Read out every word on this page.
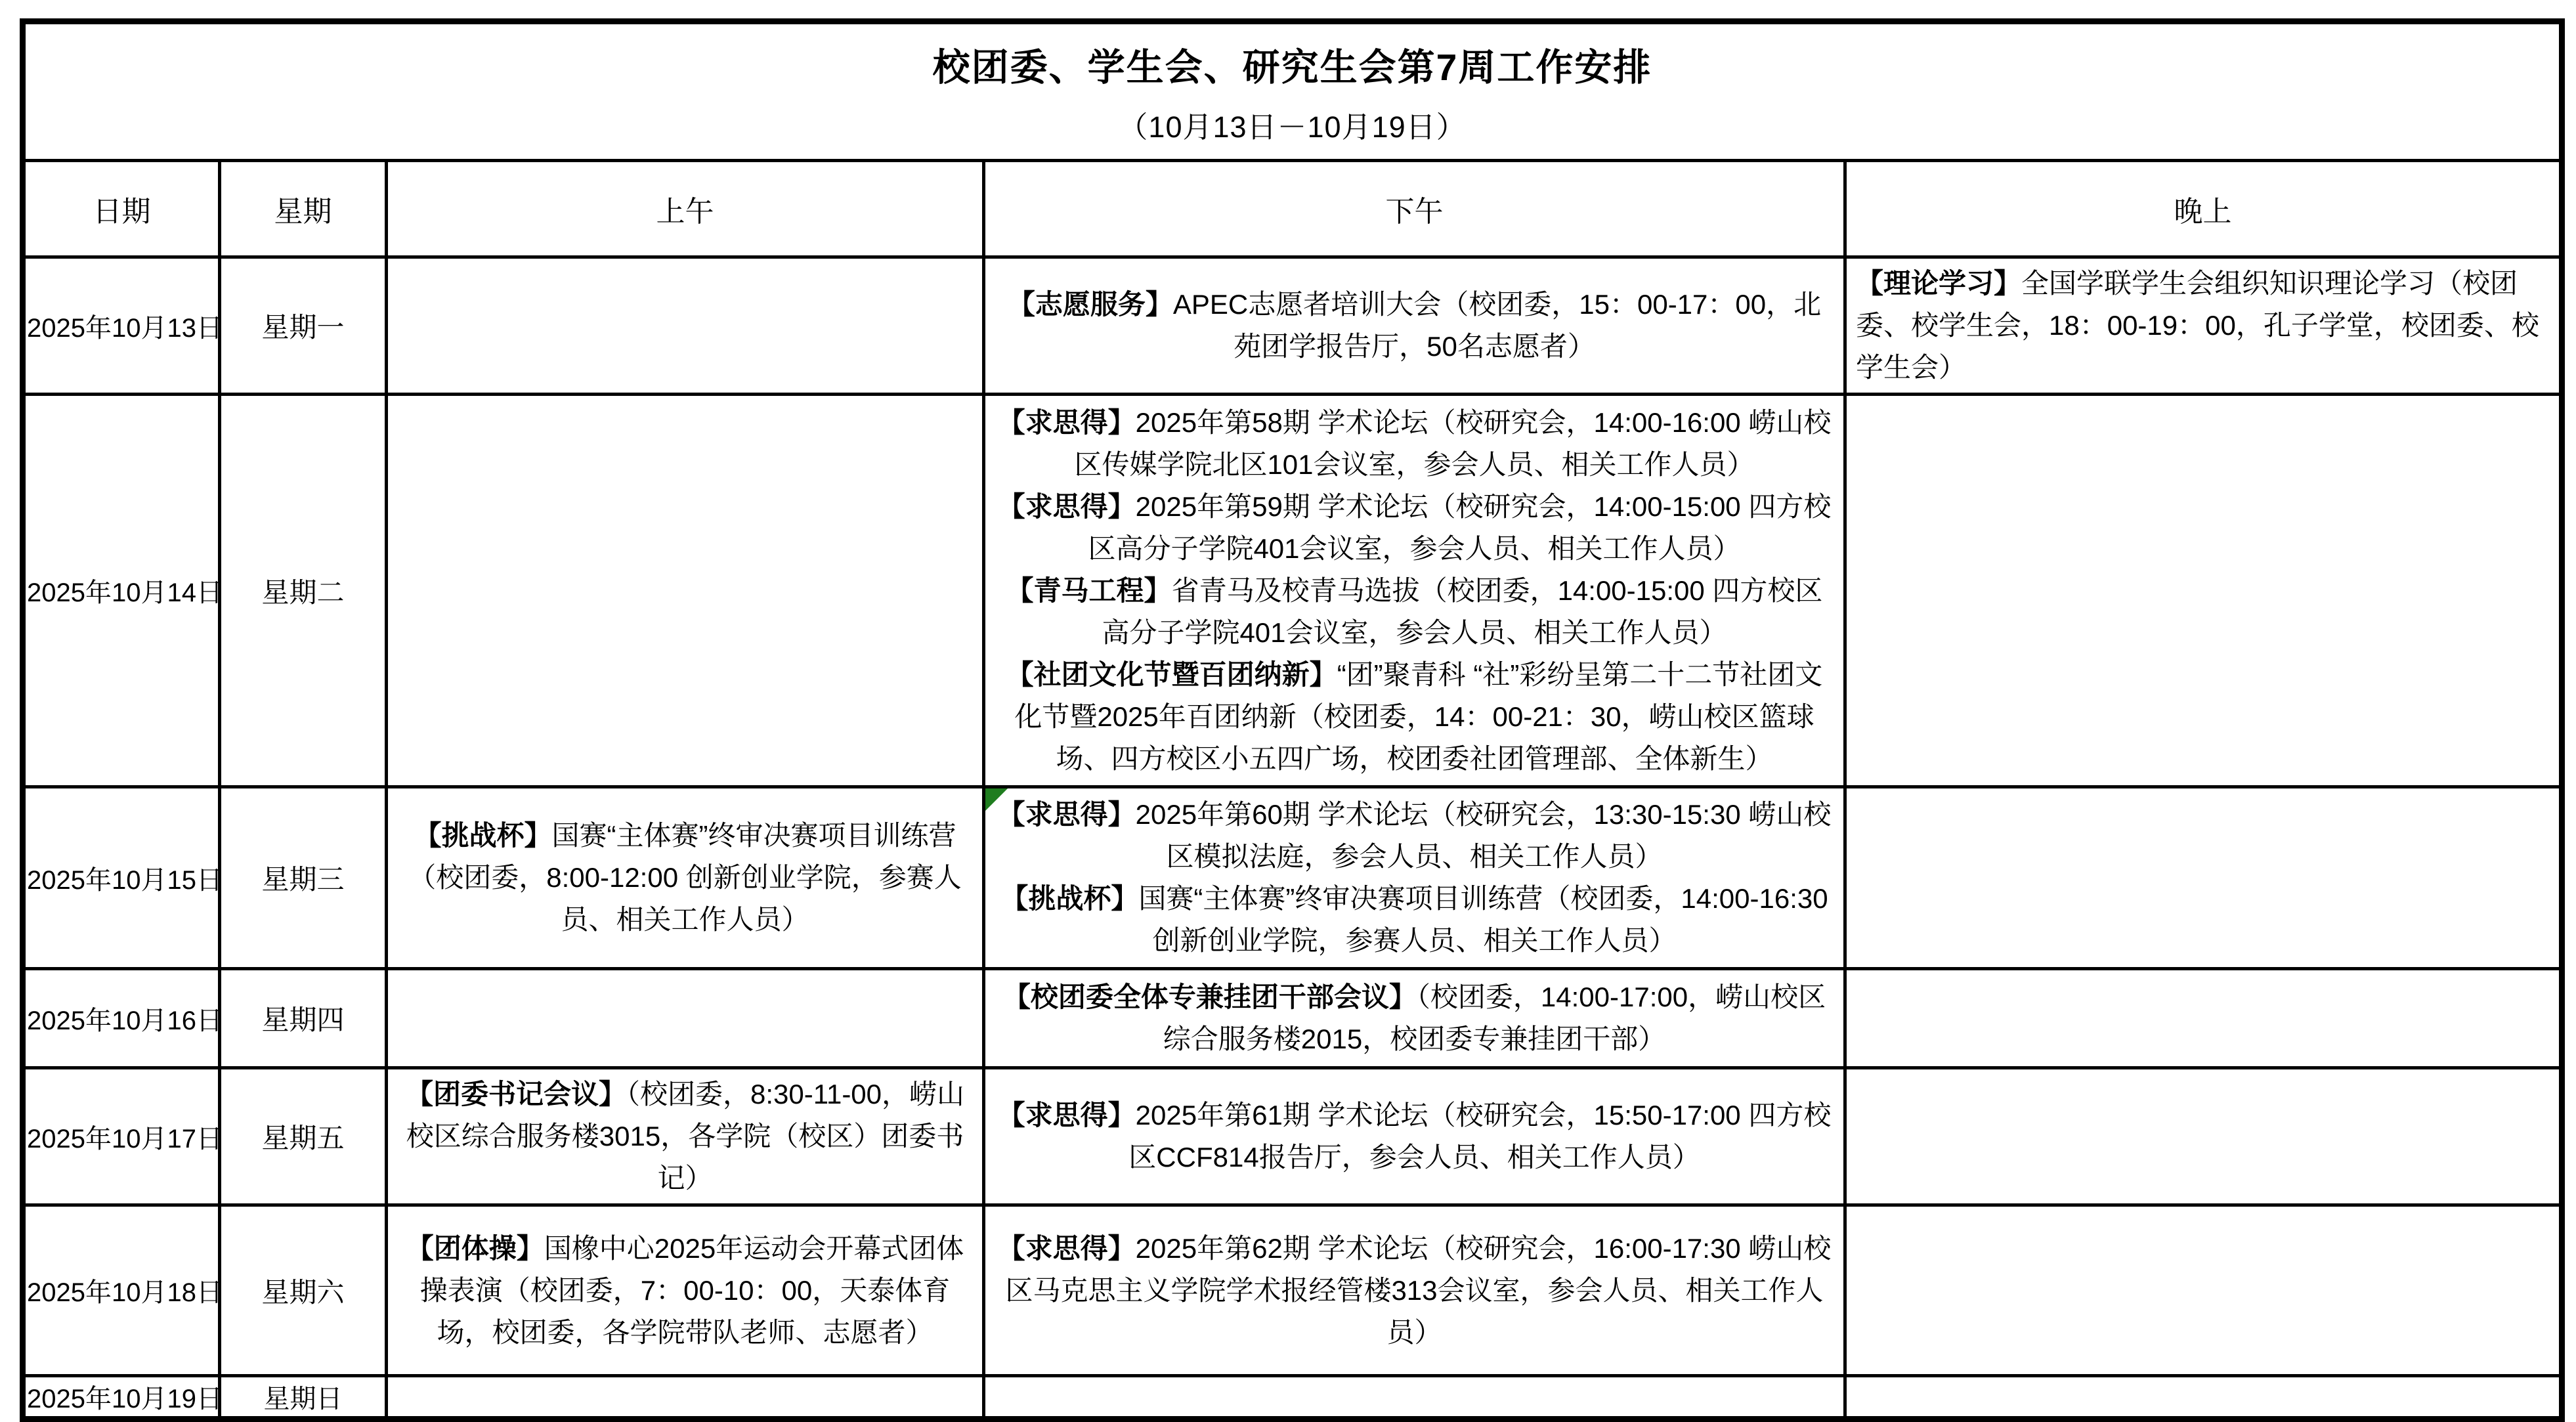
校团委、学生会、研究生会第7周工作安排
（10月13日－10月19日）				

日期	星期	上午	下午	晚上
2025年10月13日	星期一		【志愿服务】APEC志愿者培训大会（校团委，15：00-17：00，北苑团学报告厅，50名志愿者）	【理论学习】全国学联学生会组织知识理论学习（校团委、校学生会，18：00-19：00，孔子学堂，校团委、校学生会）

2025年10月14日	星期二		【求思得】2025年第58期 学术论坛（校研究会，14:00-16:00 崂山校区传媒学院北区101会议室，参会人员、相关工作人员）
【求思得】2025年第59期 学术论坛（校研究会，14:00-15:00 四方校区高分子学院401会议室，参会人员、相关工作人员）
【青马工程】省青马及校青马选拔（校团委，14:00-15:00 四方校区高分子学院401会议室，参会人员、相关工作人员）
【社团文化节暨百团纳新】“团”聚青科 “社”彩纷呈第二十二节社团文化节暨2025年百团纳新（校团委，14：00-21：30，崂山校区篮球场、四方校区小五四广场，校团委社团管理部、全体新生）	

2025年10月15日	星期三	【挑战杯】国赛“主体赛”终审决赛项目训练营（校团委，8:00-12:00 创新创业学院，参赛人员、相关工作人员）	【求思得】2025年第60期 学术论坛（校研究会，13:30-15:30 崂山校区模拟法庭，参会人员、相关工作人员）
【挑战杯】国赛“主体赛”终审决赛项目训练营（校团委，14:00-16:30 创新创业学院，参赛人员、相关工作人员）	

2025年10月16日	星期四		【校团委全体专兼挂团干部会议】（校团委，14:00-17:00，崂山校区综合服务楼2015，校团委专兼挂团干部）	

2025年10月17日	星期五	【团委书记会议】（校团委，8:30-11-00，崂山校区综合服务楼3015，各学院（校区）团委书记）	【求思得】2025年第61期 学术论坛（校研究会，15:50-17:00 四方校区CCF814报告厅，参会人员、相关工作人员）	

2025年10月18日	星期六	【团体操】国橡中心2025年运动会开幕式团体操表演（校团委，7：00-10：00，天泰体育场，校团委，各学院带队老师、志愿者）	【求思得】2025年第62期 学术论坛（校研究会，16:00-17:30 崂山校区马克思主义学院学术报经管楼313会议室，参会人员、相关工作人员）	

2025年10月19日	星期日			
